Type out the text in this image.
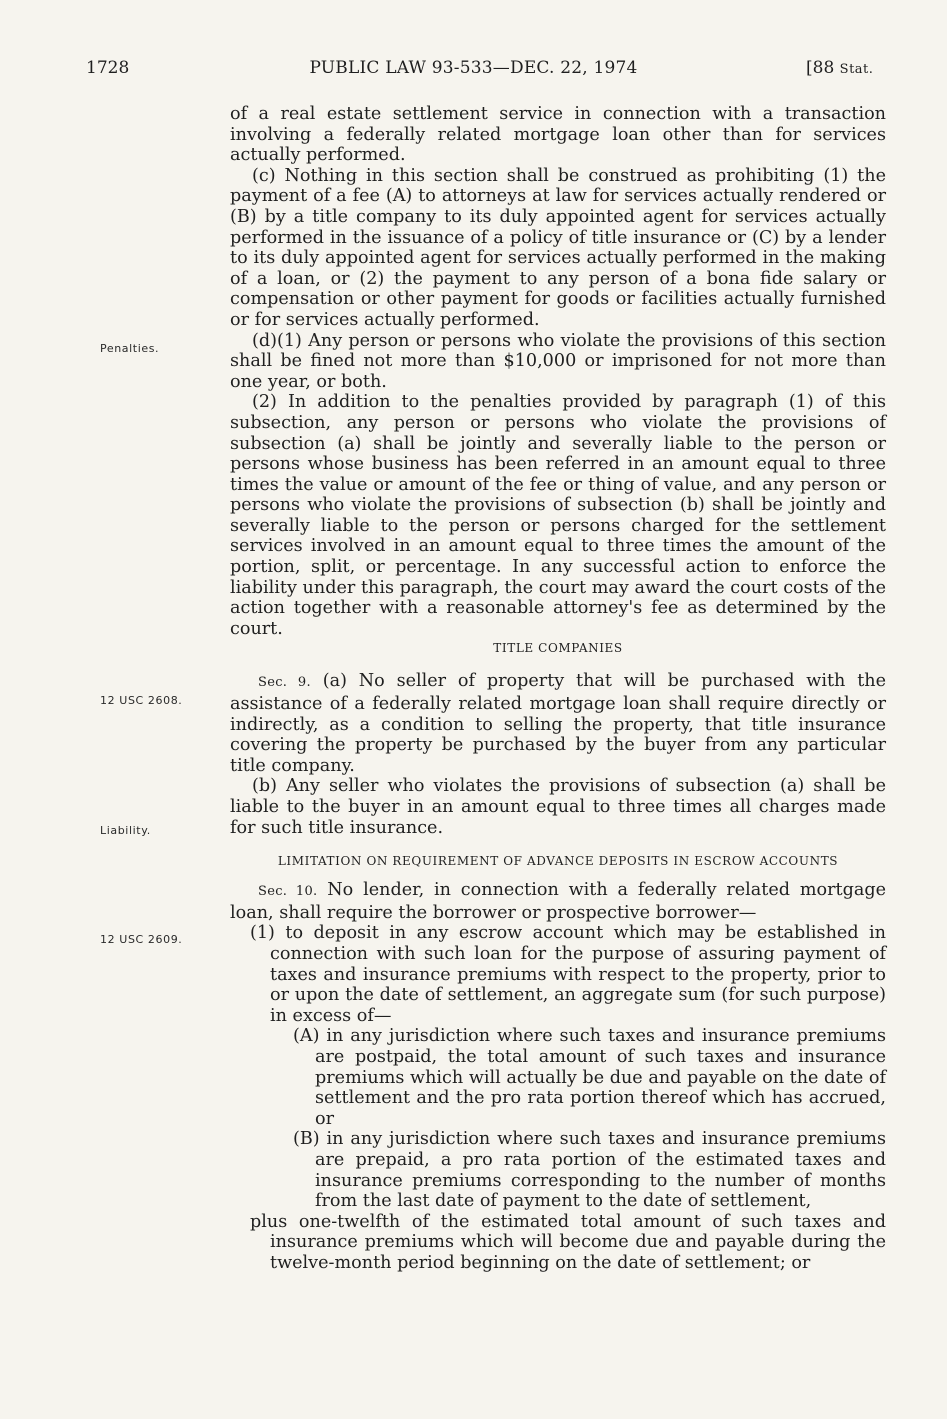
1728	PUBLIC LAW 93-533—DEC. 22, 1974	[88 Stat.
Penalties.
12 USC 2608.
Liability.
12 USC 2609.

of a real estate settlement service in connection with a transaction involving a federally related mortgage loan other than for services actually performed.

(c) Nothing in this section shall be construed as prohibiting (1) the payment of a fee (A) to attorneys at law for services actually rendered or (B) by a title company to its duly appointed agent for services actually performed in the issuance of a policy of title insurance or (C) by a lender to its duly appointed agent for services actually performed in the making of a loan, or (2) the payment to any person of a bona fide salary or compensation or other payment for goods or facilities actually furnished or for services actually performed.

(d)(1) Any person or persons who violate the provisions of this section shall be fined not more than $10,000 or imprisoned for not more than one year, or both.

(2) In addition to the penalties provided by paragraph (1) of this subsection, any person or persons who violate the provisions of subsection (a) shall be jointly and severally liable to the person or persons whose business has been referred in an amount equal to three times the value or amount of the fee or thing of value, and any person or persons who violate the provisions of subsection (b) shall be jointly and severally liable to the person or persons charged for the settlement services involved in an amount equal to three times the amount of the portion, split, or percentage. In any successful action to enforce the liability under this paragraph, the court may award the court costs of the action together with a reasonable attorney's fee as determined by the court.

TITLE COMPANIES

Sec. 9. (a) No seller of property that will be purchased with the assistance of a federally related mortgage loan shall require directly or indirectly, as a condition to selling the property, that title insurance covering the property be purchased by the buyer from any particular title company.

(b) Any seller who violates the provisions of subsection (a) shall be liable to the buyer in an amount equal to three times all charges made for such title insurance.

LIMITATION ON REQUIREMENT OF ADVANCE DEPOSITS IN ESCROW ACCOUNTS

Sec. 10. No lender, in connection with a federally related mortgage loan, shall require the borrower or prospective borrower—

(1) to deposit in any escrow account which may be established in connection with such loan for the purpose of assuring payment of taxes and insurance premiums with respect to the property, prior to or upon the date of settlement, an aggregate sum (for such purpose) in excess of—

(A) in any jurisdiction where such taxes and insurance premiums are postpaid, the total amount of such taxes and insurance premiums which will actually be due and payable on the date of settlement and the pro rata portion thereof which has accrued, or

(B) in any jurisdiction where such taxes and insurance premiums are prepaid, a pro rata portion of the estimated taxes and insurance premiums corresponding to the number of months from the last date of payment to the date of settlement,

plus one-twelfth of the estimated total amount of such taxes and insurance premiums which will become due and payable during the twelve-month period beginning on the date of settlement; or
